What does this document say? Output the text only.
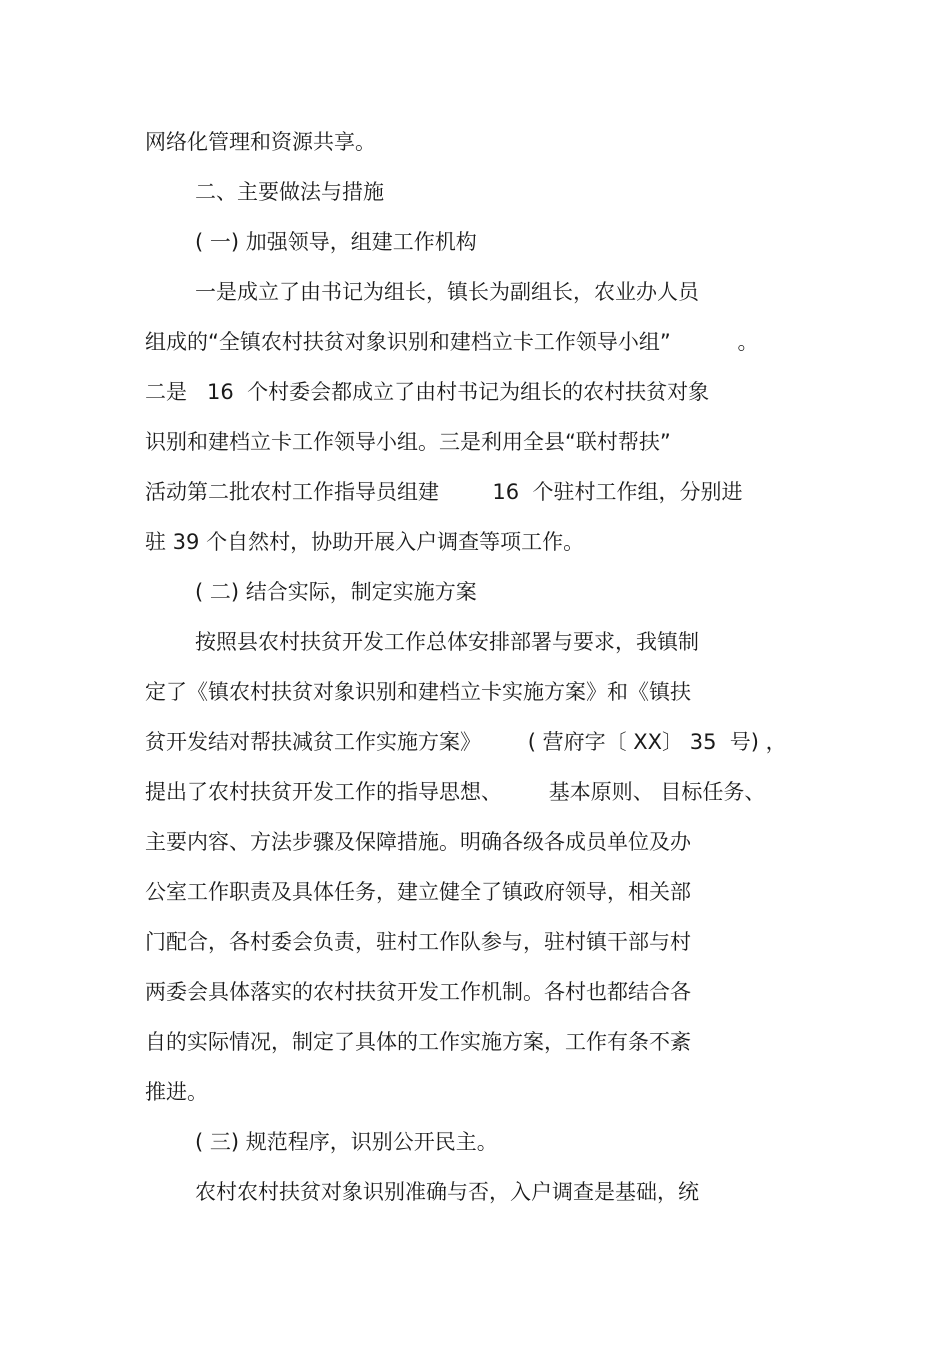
网络化管理和资源共享。
二、主要做法与措施
( 一) 加强领导，组建工作机构
一是成立了由书记为组长，镇长为副组长，农业办人员
组成的“全镇农村扶贫对象识别和建档立卡工作领导小组”          。
二是   16  个村委会都成立了由村书记为组长的农村扶贫对象
识别和建档立卡工作领导小组。三是利用全县“联村帮扶”
活动第二批农村工作指导员组建        16  个驻村工作组，分别进
驻 39 个自然村，协助开展入户调查等项工作。
( 二) 结合实际，制定实施方案
按照县农村扶贫开发工作总体安排部署与要求，我镇制
定了《镇农村扶贫对象识别和建档立卡实施方案》和《镇扶
贫开发结对帮扶减贫工作实施方案》       ( 营府字〔 XX〕 35  号) ，
提出了农村扶贫开发工作的指导思想、       基本原则、 目标任务、
主要内容、方法步骤及保障措施。明确各级各成员单位及办
公室工作职责及具体任务，建立健全了镇政府领导，相关部
门配合，各村委会负责，驻村工作队参与，驻村镇干部与村
两委会具体落实的农村扶贫开发工作机制。各村也都结合各
自的实际情况，制定了具体的工作实施方案，工作有条不紊
推进。
( 三) 规范程序，识别公开民主。
农村农村扶贫对象识别准确与否，入户调查是基础，统
